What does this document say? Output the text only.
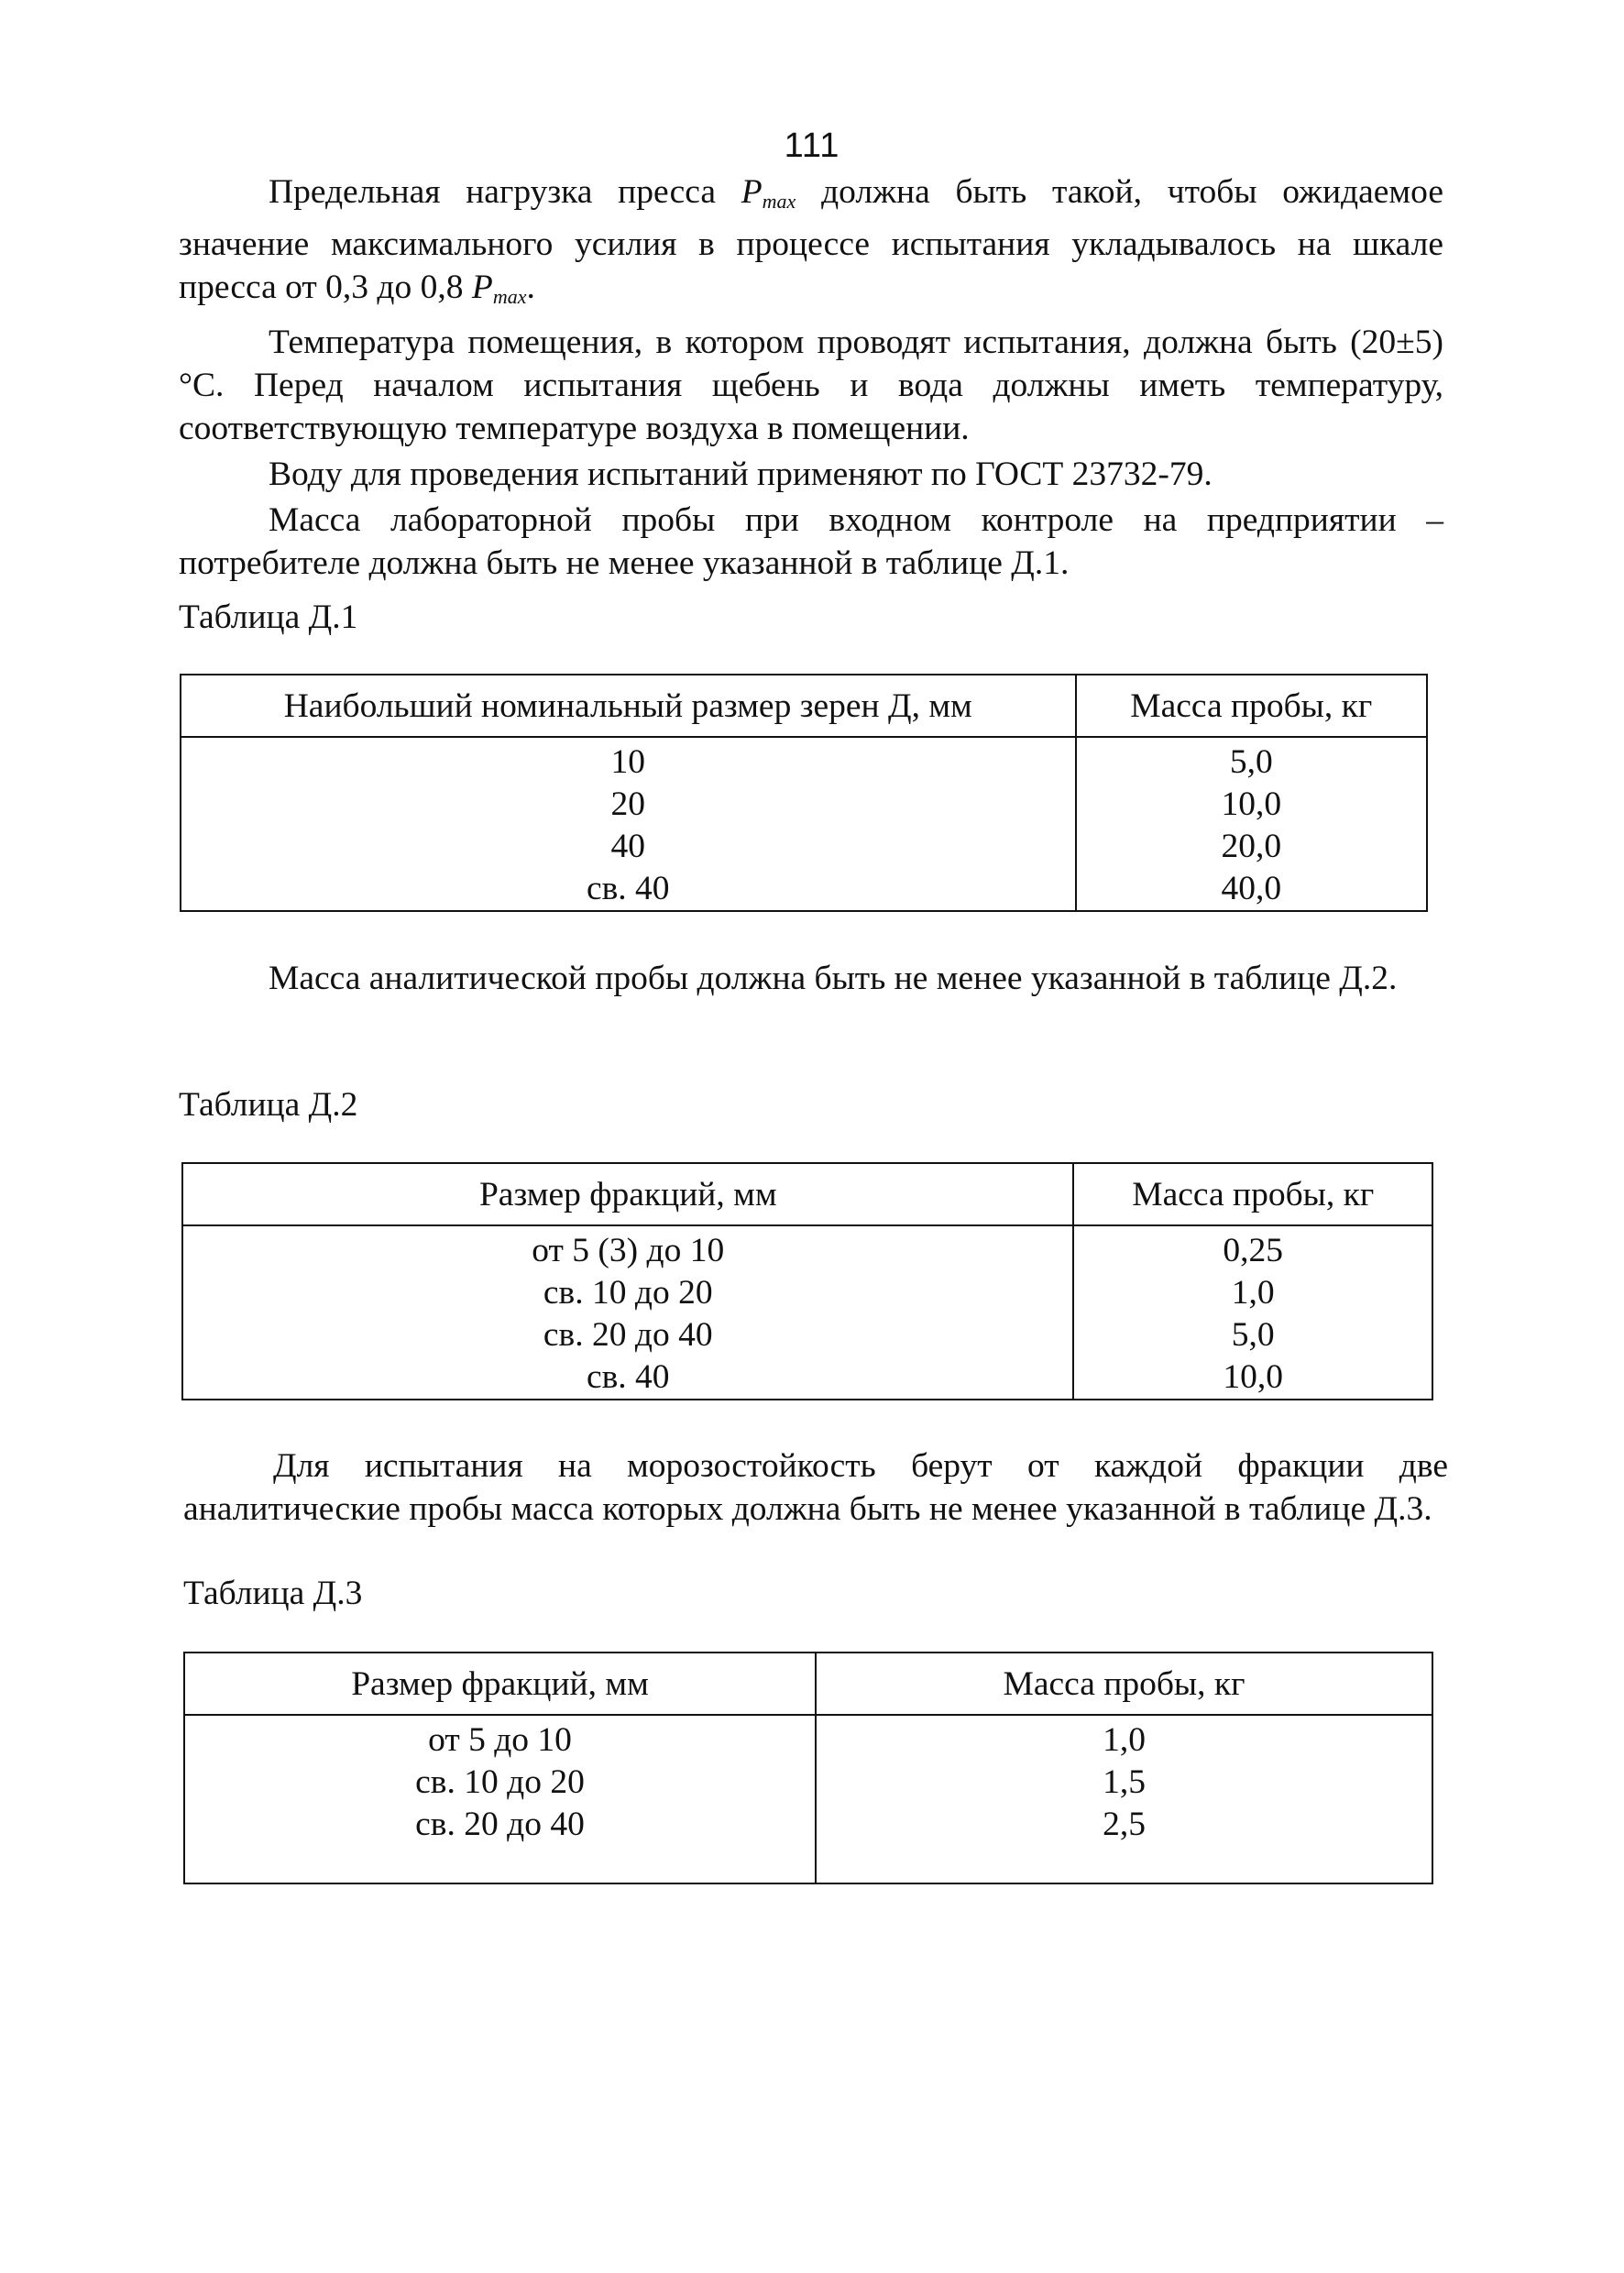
111

Предельная нагрузка пресса $P_{max}$ должна быть такой, чтобы ожидаемое значение максимального усилия в процессе испытания укладывалось на шкале пресса от 0,3 до 0,8 $P_{max}$.

Температура помещения, в котором проводят испытания, должна быть (20±5) °С. Перед началом испытания щебень и вода должны иметь температуру, соответствующую температуре воздуха в помещении.

Воду для проведения испытаний применяют по ГОСТ 23732-79.

Масса лабораторной пробы при входном контроле на предприятии – потребителе должна быть не менее указанной в таблице Д.1.

Таблица Д.1
Наибольший номинальный размер зерен Д, мм	Масса пробы, кг
10	5,0
20	10,0
40	20,0
св. 40	40,0

Масса аналитической пробы должна быть не менее указанной в таблице Д.2.

Таблица Д.2
Размер фракций, мм	Масса пробы, кг
от 5 (3) до 10	0,25
св. 10 до 20	1,0
св. 20 до 40	5,0
св. 40	10,0

Для испытания на морозостойкость берут от каждой фракции две аналитические пробы масса которых должна быть не менее указанной в таблице Д.3.

Таблица Д.3
Размер фракций, мм	Масса пробы, кг
от 5 до 10	1,0
св. 10 до 20	1,5
св. 20 до 40	2,5
